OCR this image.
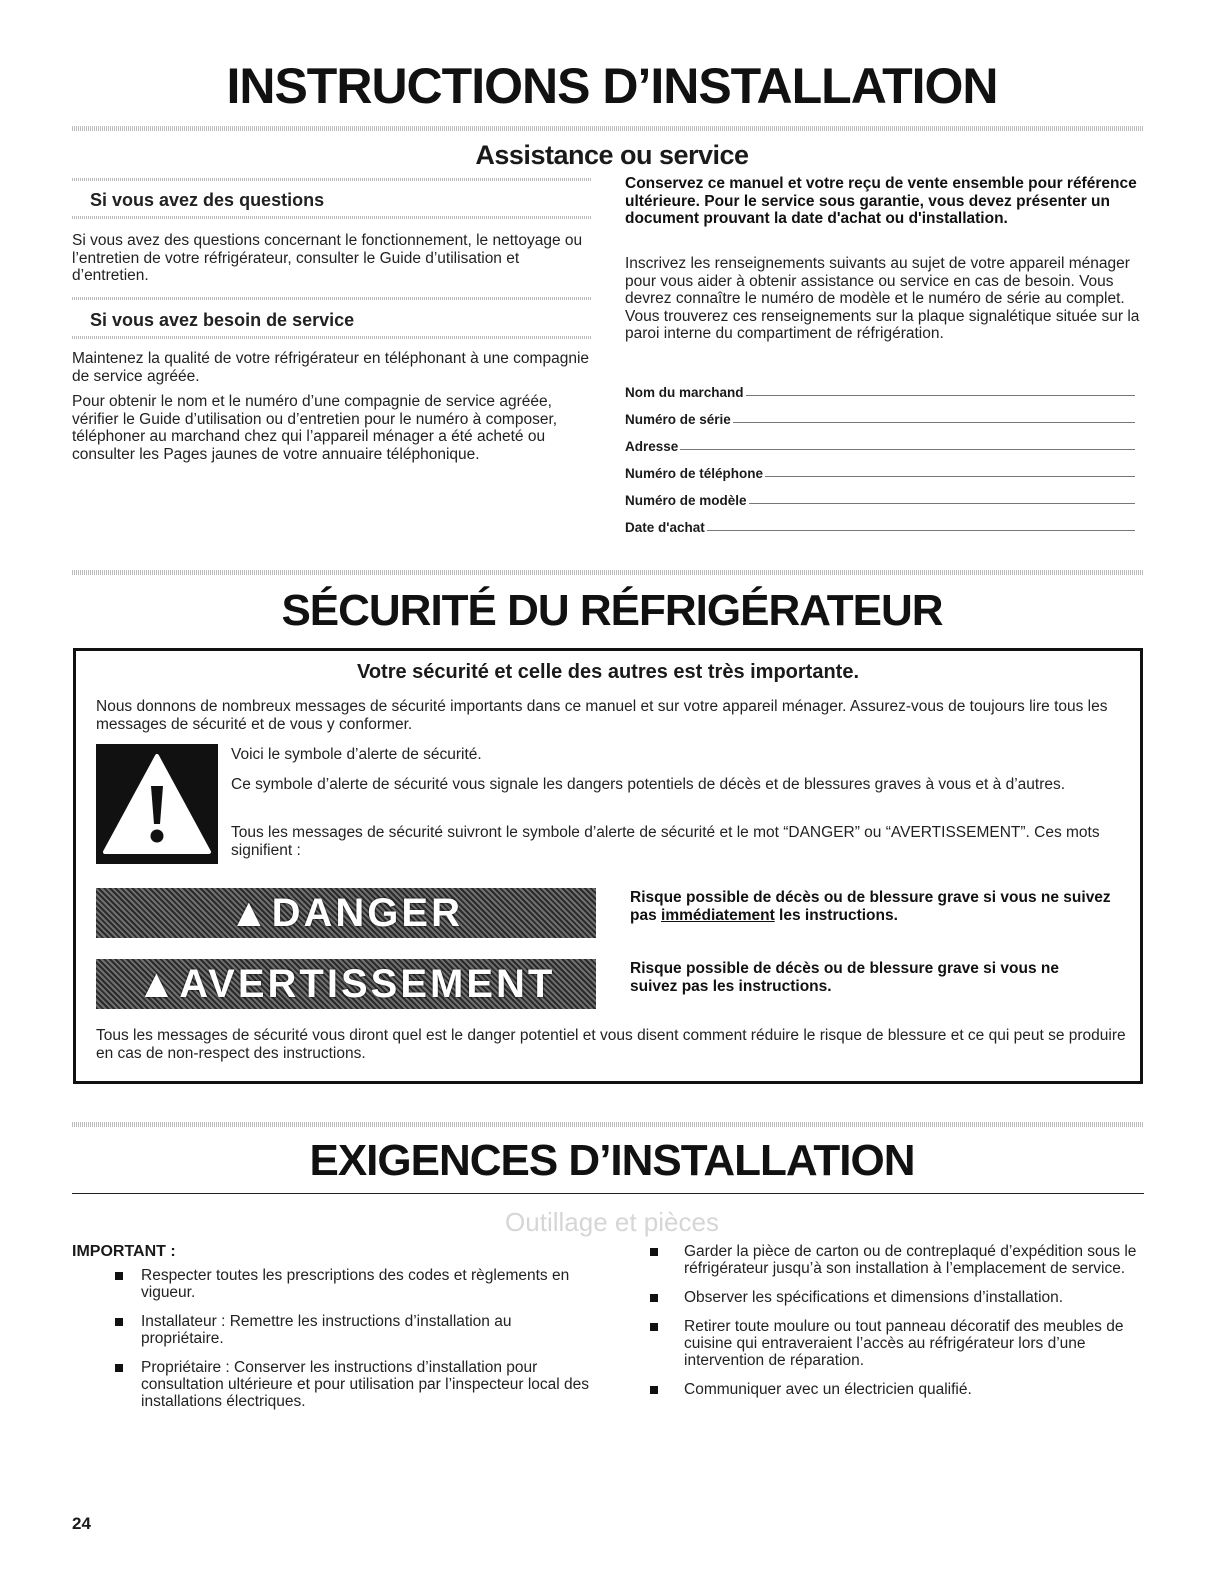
INSTRUCTIONS D’INSTALLATION
Assistance ou service
Si vous avez des questions
Si vous avez des questions concernant le fonctionnement, le nettoyage ou l’entretien de votre réfrigérateur, consulter le Guide d’utilisation et d’entretien.
Si vous avez besoin de service
Maintenez la qualité de votre réfrigérateur en téléphonant à une compagnie de service agréée.
Pour obtenir le nom et le numéro d’une compagnie de service agréée, vérifier le Guide d’utilisation ou d’entretien pour le numéro à composer, téléphoner au marchand chez qui l’appareil ménager a été acheté ou consulter les Pages jaunes de votre annuaire téléphonique.
Conservez ce manuel et votre reçu de vente ensemble pour référence ultérieure. Pour le service sous garantie, vous devez présenter un document prouvant la date d'achat ou d'installation.
Inscrivez les renseignements suivants au sujet de votre appareil ménager pour vous aider à obtenir assistance ou service en cas de besoin. Vous devrez connaître le numéro de modèle et le numéro de série au complet. Vous trouverez ces renseignements sur la plaque signalétique située sur la paroi interne du compartiment de réfrigération.
Nom du marchand
Numéro de série
Adresse
Numéro de téléphone
Numéro de modèle
Date d'achat
SÉCURITÉ DU RÉFRIGÉRATEUR
Votre sécurité et celle des autres est très importante.
Nous donnons de nombreux messages de sécurité importants dans ce manuel et sur votre appareil ménager. Assurez-vous de toujours lire tous les messages de sécurité et de vous y conformer.
Voici le symbole d’alerte de sécurité.
Ce symbole d’alerte de sécurité vous signale les dangers potentiels de décès et de blessures graves à vous et à d’autres.
Tous les messages de sécurité suivront le symbole d’alerte de sécurité et le mot “DANGER” ou “AVERTISSEMENT”. Ces mots signifient :
▲DANGER	Risque possible de décès ou de blessure grave si vous ne suivez pas immédiatement les instructions.
▲AVERTISSEMENT	Risque possible de décès ou de blessure grave si vous ne suivez pas les instructions.
Tous les messages de sécurité vous diront quel est le danger potentiel et vous disent comment réduire le risque de blessure et ce qui peut se produire en cas de non-respect des instructions.
EXIGENCES D’INSTALLATION
Outillage et pièces
IMPORTANT :
Respecter toutes les prescriptions des codes et règlements en vigueur.
Installateur : Remettre les instructions d’installation au propriétaire.
Propriétaire : Conserver les instructions d’installation pour consultation ultérieure et pour utilisation par l’inspecteur local des installations électriques.
Garder la pièce de carton ou de contreplaqué d’expédition sous le réfrigérateur jusqu’à son installation à l’emplacement de service.
Observer les spécifications et dimensions d’installation.
Retirer toute moulure ou tout panneau décoratif des meubles de cuisine qui entraveraient l’accès au réfrigérateur lors d’une intervention de réparation.
Communiquer avec un électricien qualifié.
24
